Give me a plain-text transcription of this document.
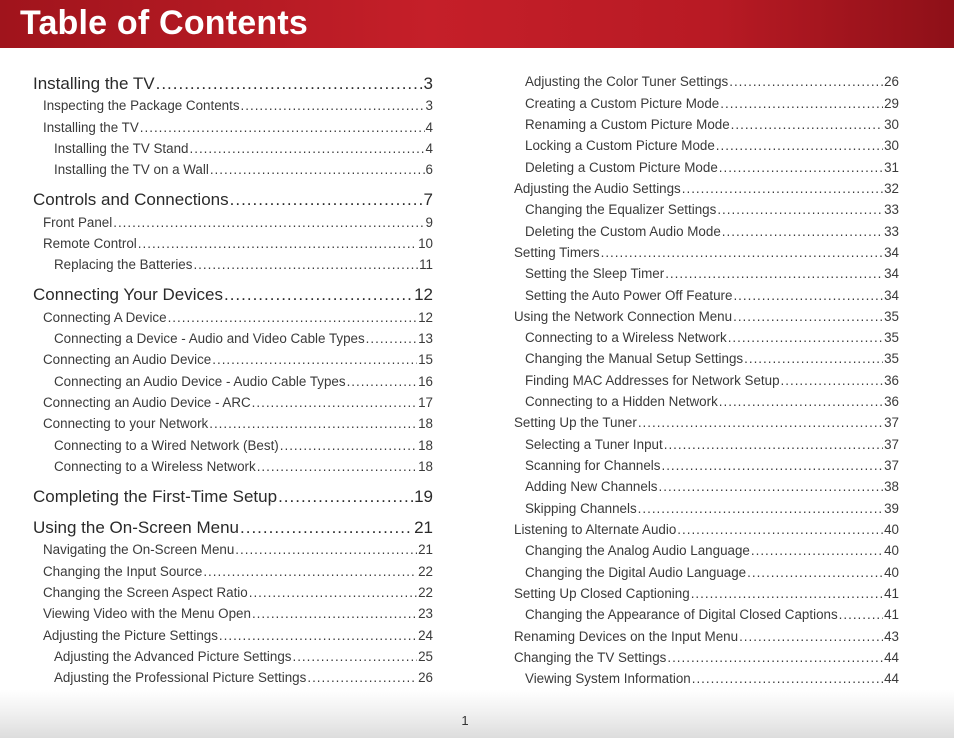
Table of Contents
Installing the TV .....	3
Inspecting the Package Contents .....	3
Installing the TV .....	4
Installing the TV Stand .....	4
Installing the TV on a Wall .....	6
Controls and Connections .....	7
Front Panel .....	9
Remote Control .....	10
Replacing the Batteries .....	11
Connecting Your Devices .....	12
Connecting A Device .....	12
Connecting a Device - Audio and Video Cable Types .....	13
Connecting an Audio Device .....	15
Connecting an Audio Device - Audio Cable Types .....	16
Connecting an Audio Device - ARC .....	17
Connecting to your Network .....	18
Connecting to a Wired Network (Best) .....	18
Connecting to a Wireless Network .....	18
Completing the First-Time Setup .....	19
Using the On-Screen Menu .....	21
Navigating the On-Screen Menu .....	21
Changing the Input Source .....	22
Changing the Screen Aspect Ratio .....	22
Viewing Video with the Menu Open .....	23
Adjusting the Picture Settings .....	24
Adjusting the Advanced Picture Settings .....	25
Adjusting the Professional Picture Settings .....	26
Adjusting the Color Tuner Settings .....	26
Creating a Custom Picture Mode .....	29
Renaming a Custom Picture Mode .....	30
Locking a Custom Picture Mode .....	30
Deleting a Custom Picture Mode .....	31
Adjusting the Audio Settings .....	32
Changing the Equalizer Settings .....	33
Deleting the Custom Audio Mode .....	33
Setting Timers .....	34
Setting the Sleep Timer .....	34
Setting the Auto Power Off Feature .....	34
Using the Network Connection Menu .....	35
Connecting to a Wireless Network .....	35
Changing the Manual Setup Settings .....	35
Finding MAC Addresses for Network Setup .....	36
Connecting to a Hidden Network .....	36
Setting Up the Tuner .....	37
Selecting a Tuner Input .....	37
Scanning for Channels .....	37
Adding New Channels .....	38
Skipping Channels .....	39
Listening to Alternate Audio .....	40
Changing the Analog Audio Language .....	40
Changing the Digital Audio Language .....	40
Setting Up Closed Captioning .....	41
Changing the Appearance of Digital Closed Captions .....	41
Renaming Devices on the Input Menu .....	43
Changing the TV Settings .....	44
Viewing System Information .....	44
1
